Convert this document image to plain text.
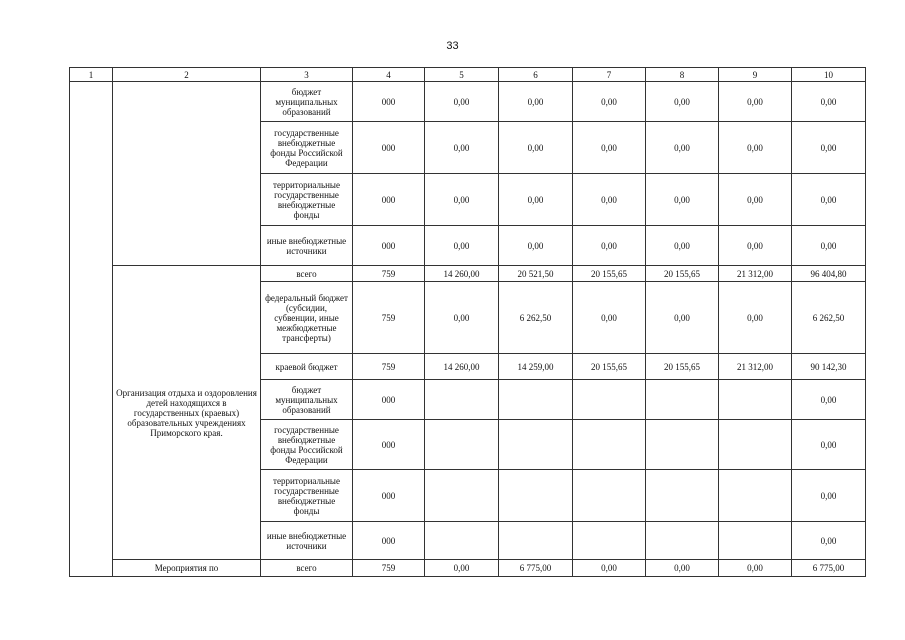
33
1	2	3	4	5	6	7	8	9	10
		бюджет муниципальных образований	000	0,00	0,00	0,00	0,00	0,00	0,00
		государственные внебюджетные фонды Российской Федерации	000	0,00	0,00	0,00	0,00	0,00	0,00
		территориальные государственные внебюджетные фонды	000	0,00	0,00	0,00	0,00	0,00	0,00
		иные внебюджетные источники	000	0,00	0,00	0,00	0,00	0,00	0,00
	Организация отдыха и оздоровления детей находящихся в государственных (краевых) образовательных учреждениях Приморского края.	всего	759	14 260,00	20 521,50	20 155,65	20 155,65	21 312,00	96 404,80
		федеральный бюджет (субсидии, субвенции, иные межбюджетные трансферты)	759	0,00	6 262,50	0,00	0,00	0,00	6 262,50
		краевой бюджет	759	14 260,00	14 259,00	20 155,65	20 155,65	21 312,00	90 142,30
		бюджет муниципальных образований	000						0,00
		государственные внебюджетные фонды Российской Федерации	000						0,00
		территориальные государственные внебюджетные фонды	000						0,00
		иные внебюджетные источники	000						0,00
	Мероприятия по	всего	759	0,00	6 775,00	0,00	0,00	0,00	6 775,00
